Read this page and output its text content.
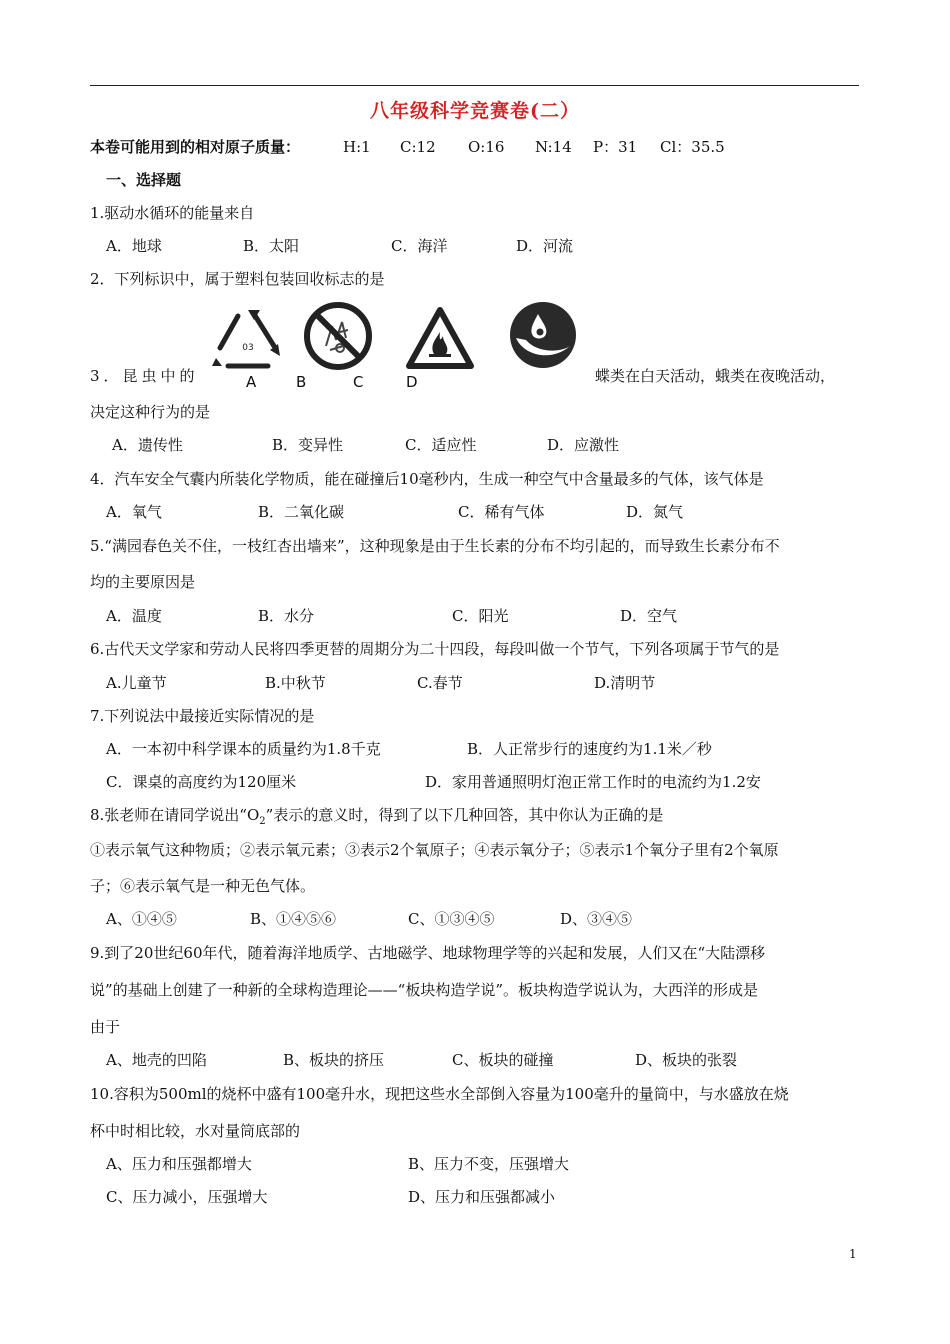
八年级科学竞赛卷(二）
本卷可能用到的相对原子质量：	H:1 C:12 O:16 N:14 P：31 Cl：35.5
一、选择题
1.驱动水循环的能量来自
A．地球	B．太阳	C．海洋	D．河流
2．下列标识中，属于塑料包装回收标志的是
03
A	B	C	D
3．昆虫中的	蝶类在白天活动，蛾类在夜晚活动，
决定这种行为的是
A．遗传性	B．变异性	C．适应性	D．应激性
4．汽车安全气囊内所装化学物质，能在碰撞后10毫秒内，生成一种空气中含量最多的气体，该气体是
A．氧气	B．二氧化碳	C．稀有气体	D．氮气
5.“满园春色关不住，一枝红杏出墙来”，这种现象是由于生长素的分布不均引起的，而导致生长素分布不
均的主要原因是
A．温度	B．水分	C．阳光	D．空气
6.古代天文学家和劳动人民将四季更替的周期分为二十四段，每段叫做一个节气，下列各项属于节气的是
A.儿童节	B.中秋节	C.春节	D.清明节
7.下列说法中最接近实际情况的是
A．一本初中科学课本的质量约为1.8千克	B．人正常步行的速度约为1.1米／秒
C．课桌的高度约为120厘米	D．家用普通照明灯泡正常工作时的电流约为1.2安
8.张老师在请同学说出“$O_2$”表示的意义时，得到了以下几种回答，其中你认为正确的是
①表示氧气这种物质；②表示氧元素；③表示2个氧原子；④表示氧分子；⑤表示1个氧分子里有2个氧原
子；⑥表示氧气是一种无色气体。
A、①④⑤	B、①④⑤⑥	C、①③④⑤	D、③④⑤
9.到了20世纪60年代，随着海洋地质学、古地磁学、地球物理学等的兴起和发展，人们又在“大陆漂移
说”的基础上创建了一种新的全球构造理论——“板块构造学说”。板块构造学说认为，大西洋的形成是
由于
A、地壳的凹陷	B、板块的挤压	C、板块的碰撞	D、板块的张裂
10.容积为500ml的烧杯中盛有100毫升水，现把这些水全部倒入容量为100毫升的量筒中，与水盛放在烧
杯中时相比较，水对量筒底部的
A、压力和压强都增大	B、压力不变，压强增大
C、压力减小，压强增大	D、压力和压强都减小
1
